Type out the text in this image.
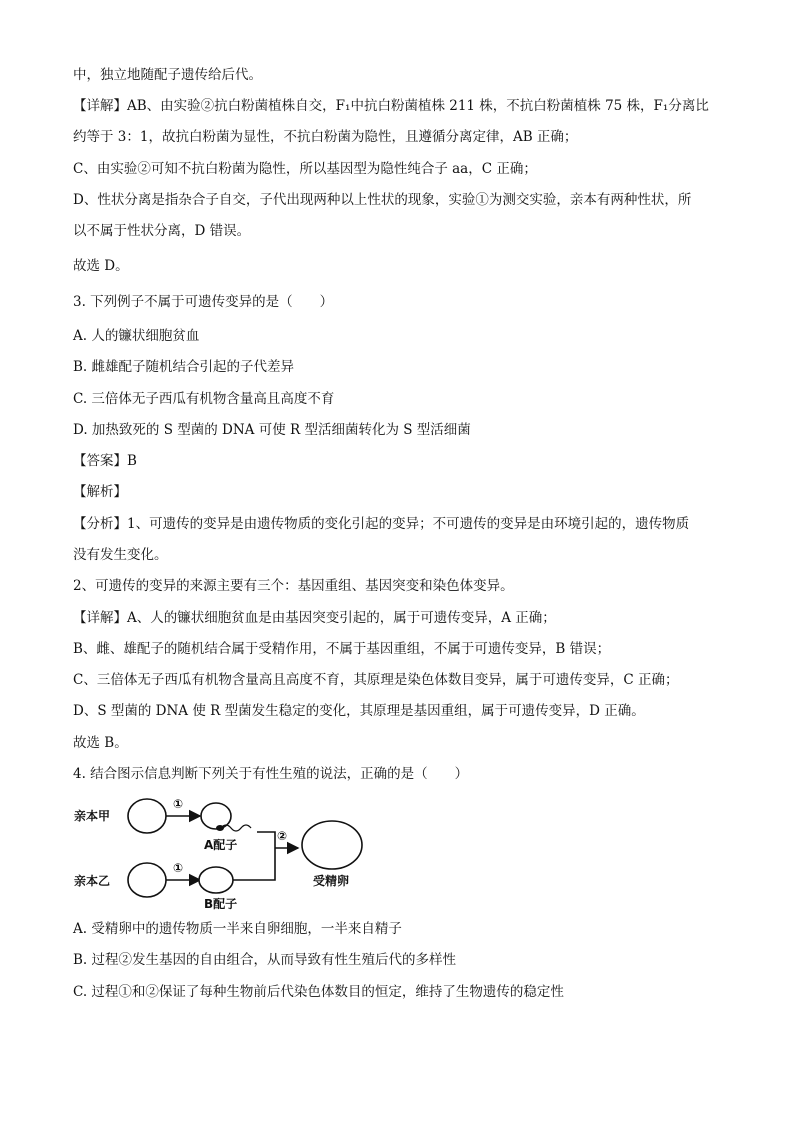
中，独立地随配子遗传给后代。
【详解】AB、由实验②抗白粉菌植株自交，F₁中抗白粉菌植株 211 株，不抗白粉菌植株 75 株，F₁分离比
约等于 3：1，故抗白粉菌为显性，不抗白粉菌为隐性，且遵循分离定律，AB 正确；
C、由实验②可知不抗白粉菌为隐性，所以基因型为隐性纯合子 aa，C 正确；
D、性状分离是指杂合子自交，子代出现两种以上性状的现象，实验①为测交实验，亲本有两种性状，所
以不属于性状分离，D 错误。
故选 D。
3. 下列例子不属于可遗传变异的是（　　）
A. 人的镰状细胞贫血
B. 雌雄配子随机结合引起的子代差异
C. 三倍体无子西瓜有机物含量高且高度不育
D. 加热致死的 S 型菌的 DNA 可使 R 型活细菌转化为 S 型活细菌
【答案】B
【解析】
【分析】1、可遗传的变异是由遗传物质的变化引起的变异；不可遗传的变异是由环境引起的，遗传物质
没有发生变化。
2、可遗传的变异的来源主要有三个：基因重组、基因突变和染色体变异。
【详解】A、人的镰状细胞贫血是由基因突变引起的，属于可遗传变异，A 正确；
B、雌、雄配子的随机结合属于受精作用，不属于基因重组，不属于可遗传变异，B 错误；
C、三倍体无子西瓜有机物含量高且高度不育，其原理是染色体数目变异，属于可遗传变异，C 正确；
D、S 型菌的 DNA 使 R 型菌发生稳定的变化，其原理是基因重组，属于可遗传变异，D 正确。
故选 B。
4. 结合图示信息判断下列关于有性生殖的说法，正确的是（　　）
亲本甲
亲本乙
①
①
A配子
B配子
②
受精卵
A. 受精卵中的遗传物质一半来自卵细胞，一半来自精子
B. 过程②发生基因的自由组合，从而导致有性生殖后代的多样性
C. 过程①和②保证了每种生物前后代染色体数目的恒定，维持了生物遗传的稳定性
